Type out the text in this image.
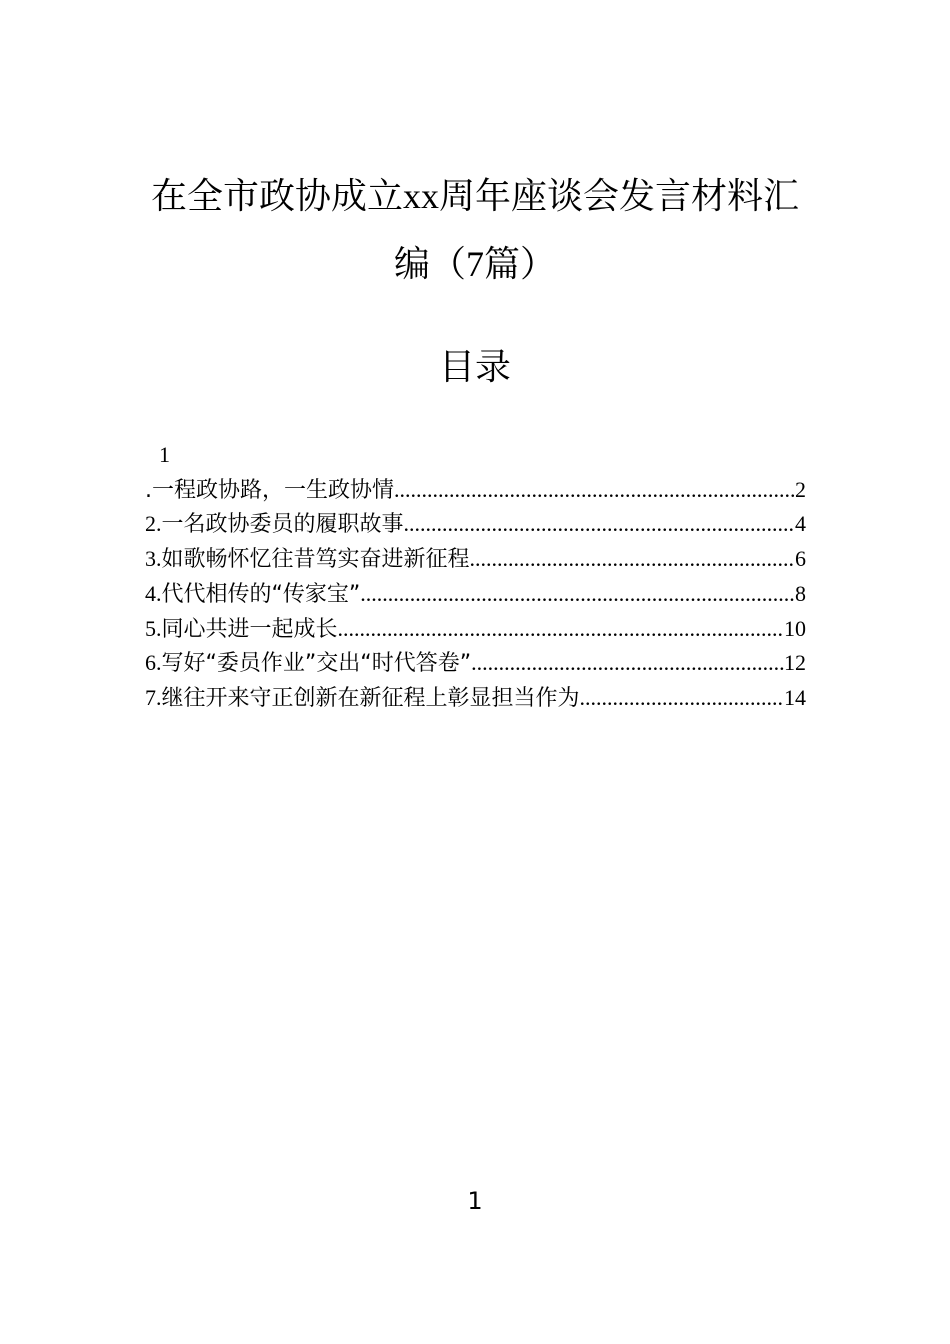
在全市政协成立xx周年座谈会发言材料汇
编（7篇）
目录
1
.一程政协路，一生政协情 .....	2
2.一名政协委员的履职故事 .....	4
3.如歌畅怀忆往昔笃实奋进新征程 .....	6
4.代代相传的“传家宝” .....	8
5.同心共进一起成长 .....	10
6.写好“委员作业”交出“时代答卷” .....	12
7.继往开来守正创新在新征程上彰显担当作为 .....	14
1
